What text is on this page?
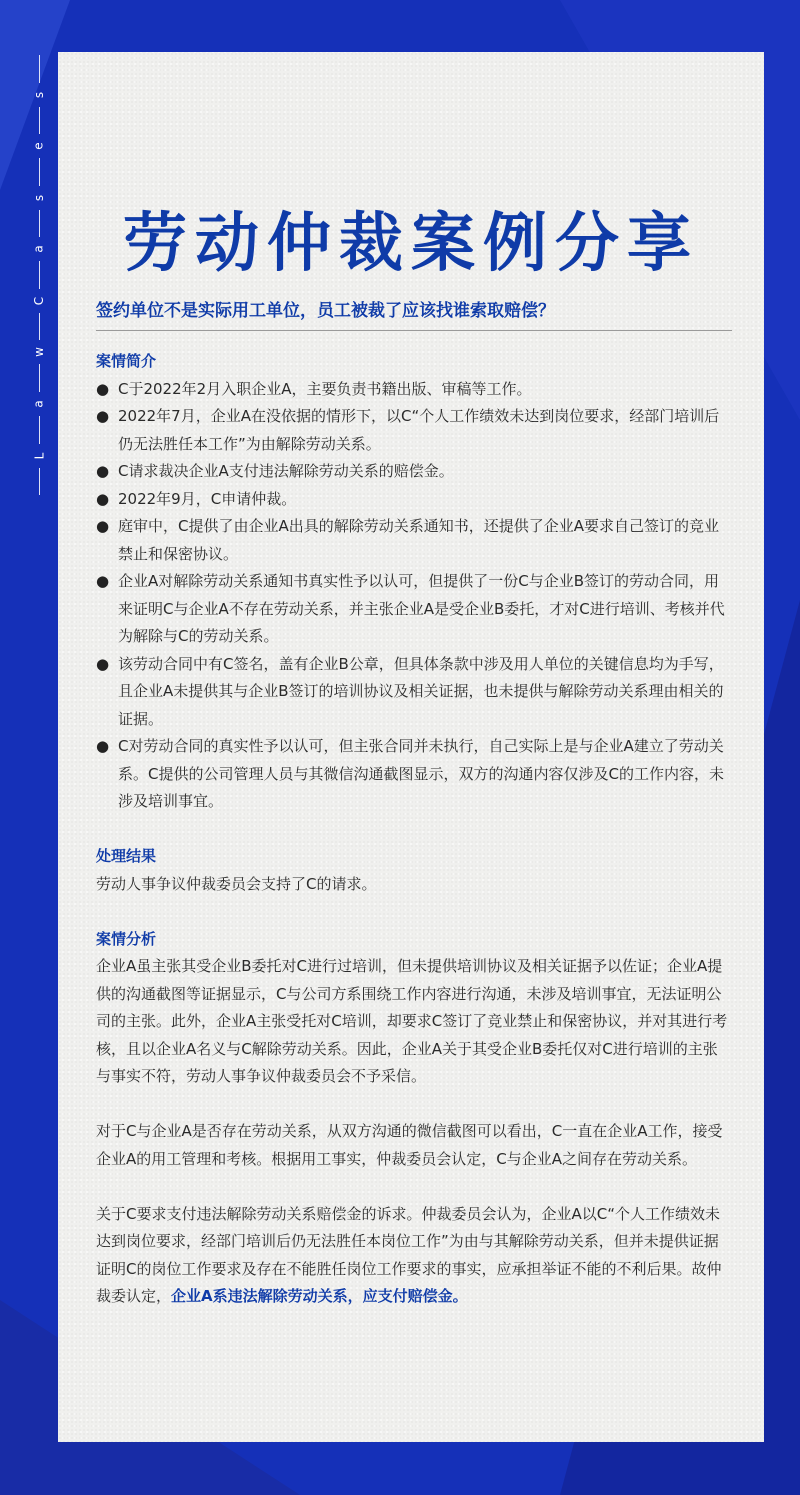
s
e
s
a
C
w
a
L
劳动仲裁案例分享
签约单位不是实际用工单位，员工被裁了应该找谁索取赔偿？
案情简介
● C于2022年2月入职企业A，主要负责书籍出版、审稿等工作。
● 2022年7月，企业A在没依据的情形下，以C“个人工作绩效未达到岗位要求，经部门培训后仍无法胜任本工作”为由解除劳动关系。
● C请求裁决企业A支付违法解除劳动关系的赔偿金。
● 2022年9月，C申请仲裁。
● 庭审中，C提供了由企业A出具的解除劳动关系通知书，还提供了企业A要求自己签订的竞业禁止和保密协议。
● 企业A对解除劳动关系通知书真实性予以认可，但提供了一份C与企业B签订的劳动合同，用来证明C与企业A不存在劳动关系，并主张企业A是受企业B委托，才对C进行培训、考核并代为解除与C的劳动关系。
● 该劳动合同中有C签名，盖有企业B公章，但具体条款中涉及用人单位的关键信息均为手写，且企业A未提供其与企业B签订的培训协议及相关证据，也未提供与解除劳动关系理由相关的证据。
● C对劳动合同的真实性予以认可，但主张合同并未执行，自己实际上是与企业A建立了劳动关系。C提供的公司管理人员与其微信沟通截图显示，双方的沟通内容仅涉及C的工作内容，未涉及培训事宜。
处理结果
劳动人事争议仲裁委员会支持了C的请求。
案情分析
企业A虽主张其受企业B委托对C进行过培训，但未提供培训协议及相关证据予以佐证；企业A提供的沟通截图等证据显示，C与公司方系围绕工作内容进行沟通，未涉及培训事宜，无法证明公司的主张。此外，企业A主张受托对C培训，却要求C签订了竞业禁止和保密协议，并对其进行考核，且以企业A名义与C解除劳动关系。因此，企业A关于其受企业B委托仅对C进行培训的主张与事实不符，劳动人事争议仲裁委员会不予采信。
对于C与企业A是否存在劳动关系，从双方沟通的微信截图可以看出，C一直在企业A工作，接受企业A的用工管理和考核。根据用工事实，仲裁委员会认定，C与企业A之间存在劳动关系。
关于C要求支付违法解除劳动关系赔偿金的诉求。仲裁委员会认为，企业A以C“个人工作绩效未达到岗位要求，经部门培训后仍无法胜任本岗位工作”为由与其解除劳动关系，但并未提供证据证明C的岗位工作要求及存在不能胜任岗位工作要求的事实，应承担举证不能的不利后果。故仲裁委认定，企业A系违法解除劳动关系，应支付赔偿金。
